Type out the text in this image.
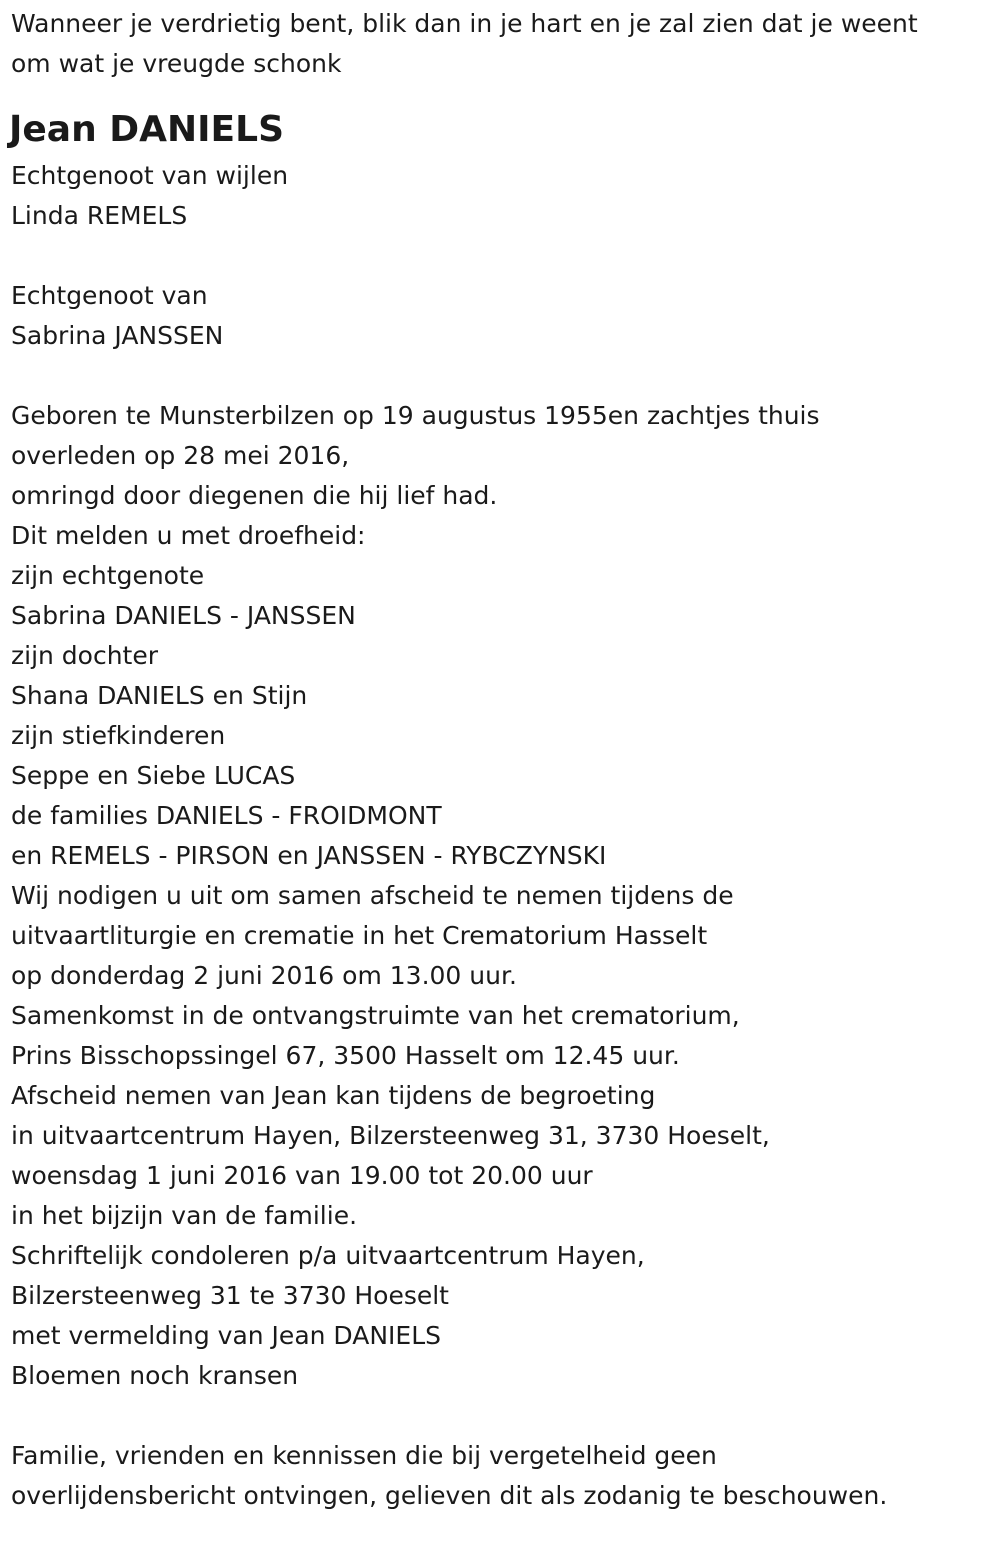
Wanneer je verdrietig bent, blik dan in je hart en je zal zien dat je weent

om wat je vreugde schonk

Jean DANIELS

Echtgenoot van wijlen

Linda REMELS

Echtgenoot van

Sabrina JANSSEN

Geboren te Munsterbilzen op 19 augustus 1955en zachtjes thuis

overleden op 28 mei 2016,

omringd door diegenen die hij lief had.

Dit melden u met droefheid:

zijn echtgenote

Sabrina DANIELS - JANSSEN

zijn dochter

Shana DANIELS en Stijn

zijn stiefkinderen

Seppe en Siebe LUCAS

de families DANIELS - FROIDMONT

en REMELS - PIRSON en JANSSEN - RYBCZYNSKI

Wij nodigen u uit om samen afscheid te nemen tijdens de

uitvaartliturgie en crematie in het Crematorium Hasselt

op donderdag 2 juni 2016 om 13.00 uur.

Samenkomst in de ontvangstruimte van het crematorium,

Prins Bisschopssingel 67, 3500 Hasselt om 12.45 uur.

Afscheid nemen van Jean kan tijdens de begroeting

in uitvaartcentrum Hayen, Bilzersteenweg 31, 3730 Hoeselt,

woensdag 1 juni 2016 van 19.00 tot 20.00 uur

in het bijzijn van de familie.

Schriftelijk condoleren p/a uitvaartcentrum Hayen,

Bilzersteenweg 31 te 3730 Hoeselt

met vermelding van Jean DANIELS

Bloemen noch kransen

Familie, vrienden en kennissen die bij vergetelheid geen

overlijdensbericht ontvingen, gelieven dit als zodanig te beschouwen.
